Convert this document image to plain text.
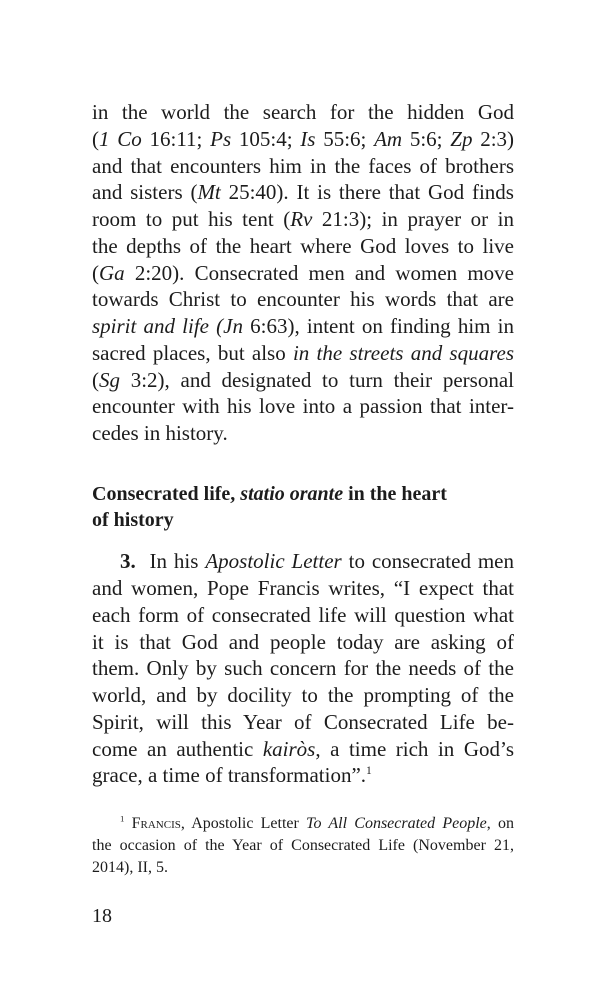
in the world the search for the hidden God
(1 Co 16:11; Ps 105:4; Is 55:6; Am 5:6; Zp 2:3)
and that encounters him in the faces of brothers
and sisters (Mt 25:40). It is there that God finds
room to put his tent (Rv 21:3); in prayer or in
the depths of the heart where God loves to live
(Ga 2:20). Consecrated men and women move
towards Christ to encounter his words that are
spirit and life (Jn 6:63), intent on finding him in
sacred places, but also in the streets and squares
(Sg 3:2), and designated to turn their personal
encounter with his love into a passion that inter-
cedes in history.
Consecrated life, statio orante in the heart
of history
3.  In his Apostolic Letter to consecrated men
and women, Pope Francis writes, “I expect that
each form of consecrated life will question what
it is that God and people today are asking of
them. Only by such concern for the needs of the
world, and by docility to the prompting of the
Spirit, will this Year of Consecrated Life be-
come an authentic kairòs, a time rich in God’s
grace, a time of transformation”.$^1$
$^1$ Francis, Apostolic Letter To All Consecrated People, on
the occasion of the Year of Consecrated Life (November 21,
2014), II, 5.
18
